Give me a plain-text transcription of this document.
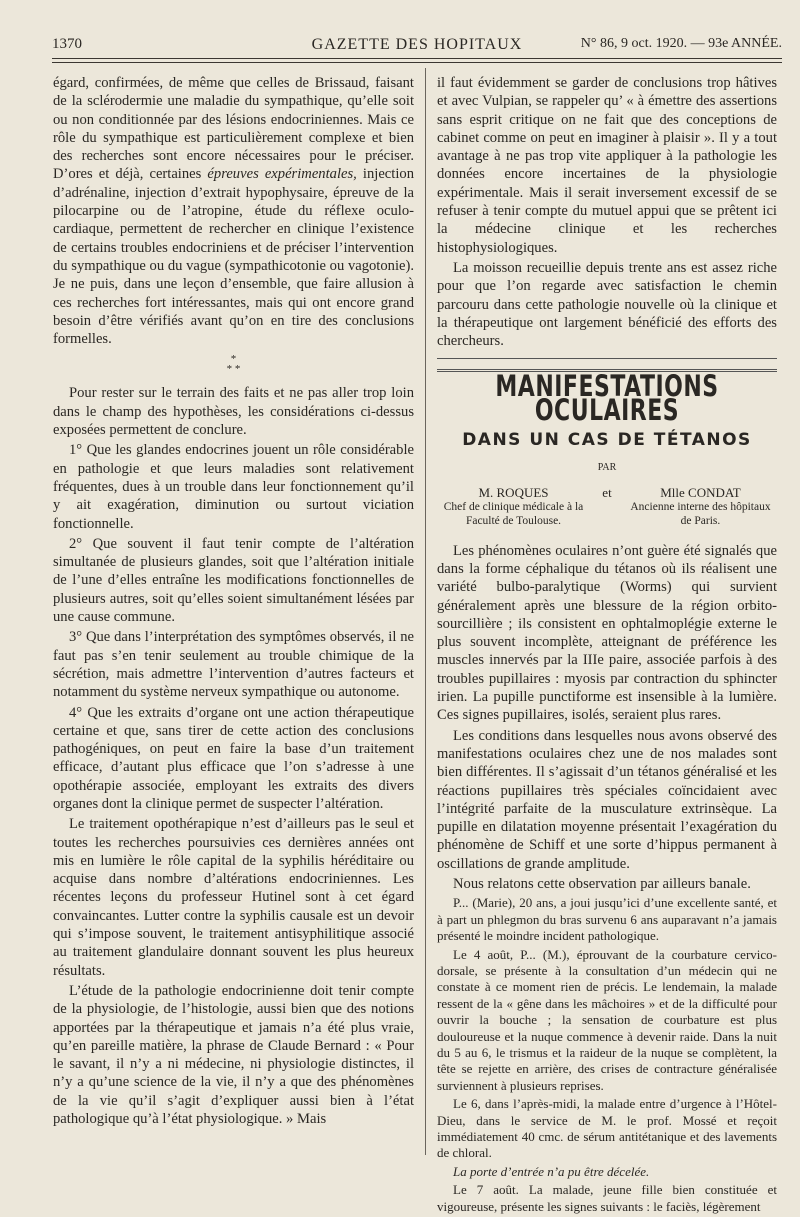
1370	GAZETTE DES HOPITAUX	N° 86, 9 oct. 1920. — 93e ANNÉE.

égard, confirmées, de même que celles de Brissaud, faisant de la sclérodermie une maladie du sympathique, qu’elle soit ou non conditionnée par des lésions endocriniennes. Mais ce rôle du sympathique est particulièrement complexe et bien des recherches sont encore nécessaires pour le préciser. D’ores et déjà, certaines épreuves expérimentales, injection d’adrénaline, injection d’extrait hypophysaire, épreuve de la pilocarpine ou de l’atropine, étude du réflexe oculo-cardiaque, permettent de rechercher en clinique l’existence de certains troubles endocriniens et de préciser l’intervention du sympathique ou du vague (sympathicotonie ou vagotonie). Je ne puis, dans une leçon d’ensemble, que faire allusion à ces recherches fort intéressantes, mais qui ont encore grand besoin d’être vérifiés avant qu’on en tire des conclusions formelles.

*
* *

Pour rester sur le terrain des faits et ne pas aller trop loin dans le champ des hypothèses, les considérations ci-dessus exposées permettent de conclure.

1° Que les glandes endocrines jouent un rôle considérable en pathologie et que leurs maladies sont relativement fréquentes, dues à un trouble dans leur fonctionnement qu’il y ait exagération, diminution ou surtout viciation fonctionnelle.

2° Que souvent il faut tenir compte de l’altération simultanée de plusieurs glandes, soit que l’altération initiale de l’une d’elles entraîne les modifications fonctionnelles de plusieurs autres, soit qu’elles soient simultanément lésées par une cause commune.

3° Que dans l’interprétation des symptômes observés, il ne faut pas s’en tenir seulement au trouble chimique de la sécrétion, mais admettre l’intervention d’autres facteurs et notamment du système nerveux sympathique ou autonome.

4° Que les extraits d’organe ont une action thérapeutique certaine et que, sans tirer de cette action des conclusions pathogéniques, on peut en faire la base d’un traitement efficace, d’autant plus efficace que l’on s’adresse à une opothérapie associée, employant les extraits des divers organes dont la clinique permet de suspecter l’altération.

Le traitement opothérapique n’est d’ailleurs pas le seul et toutes les recherches poursuivies ces dernières années ont mis en lumière le rôle capital de la syphilis héréditaire ou acquise dans nombre d’altérations endocriniennes. Les récentes leçons du professeur Hutinel sont à cet égard convaincantes. Lutter contre la syphilis causale est un devoir qui s’impose souvent, le traitement antisyphilitique associé au traitement glandulaire donnant souvent les plus heureux résultats.

L’étude de la pathologie endocrinienne doit tenir compte de la physiologie, de l’histologie, aussi bien que des notions apportées par la thérapeutique et jamais n’a été plus vraie, qu’en pareille matière, la phrase de Claude Bernard : « Pour le savant, il n’y a ni médecine, ni physiologie distinctes, il n’y a qu’une science de la vie, il n’y a que des phénomènes de la vie qu’il s’agit d’expliquer aussi bien à l’état pathologique qu’à l’état physiologique. » Mais

il faut évidemment se garder de conclusions trop hâtives et avec Vulpian, se rappeler qu’ « à émettre des assertions sans esprit critique on ne fait que des conceptions de cabinet comme on peut en imaginer à plaisir ». Il y a tout avantage à ne pas trop vite appliquer à la pathologie les données encore incertaines de la physiologie expérimentale. Mais il serait inversement excessif de se refuser à tenir compte du mutuel appui que se prêtent ici la médecine clinique et les recherches histophysiologiques.

La moisson recueillie depuis trente ans est assez riche pour que l’on regarde avec satisfaction le chemin parcouru dans cette pathologie nouvelle où la clinique et la thérapeutique ont largement bénéficié des efforts des chercheurs.

MANIFESTATIONS OCULAIRES
DANS UN CAS DE TÉTANOS
PAR
M. ROQUES
Chef de clinique médicale à la Faculté de Toulouse.
et	Mlle CONDAT
Ancienne interne des hôpitaux de Paris.

Les phénomènes oculaires n’ont guère été signalés que dans la forme céphalique du tétanos où ils réalisent une variété bulbo-paralytique (Worms) qui survient généralement après une blessure de la région orbito-sourcillière ; ils consistent en ophtalmoplégie externe le plus souvent incomplète, atteignant de préférence les muscles innervés par la IIIe paire, associée parfois à des troubles pupillaires : myosis par contraction du sphincter irien. La pupille punctiforme est insensible à la lumière. Ces signes pupillaires, isolés, seraient plus rares.

Les conditions dans lesquelles nous avons observé des manifestations oculaires chez une de nos malades sont bien différentes. Il s’agissait d’un tétanos généralisé et les réactions pupillaires très spéciales coïncidaient avec l’intégrité parfaite de la musculature extrinsèque. La pupille en dilatation moyenne présentait l’exagération du phénomène de Schiff et une sorte d’hippus permanent à oscillations de grande amplitude.

Nous relatons cette observation par ailleurs banale.

P... (Marie), 20 ans, a joui jusqu’ici d’une excellente santé, et à part un phlegmon du bras survenu 6 ans auparavant n’a jamais présenté le moindre incident pathologique.

Le 4 août, P... (M.), éprouvant de la courbature cervico-dorsale, se présente à la consultation d’un médecin qui ne constate à ce moment rien de précis. Le lendemain, la malade ressent de la « gêne dans les mâchoires » et de la difficulté pour ouvrir la bouche ; la sensation de courbature est plus douloureuse et la nuque commence à devenir raide. Dans la nuit du 5 au 6, le trismus et la raideur de la nuque se complètent, la tête se rejette en arrière, des crises de contracture généralisée surviennent à plusieurs reprises.

Le 6, dans l’après-midi, la malade entre d’urgence à l’Hôtel-Dieu, dans le service de M. le prof. Mossé et reçoit immédiatement 40 cmc. de sérum antitétanique et des lavements de chloral.

La porte d’entrée n’a pu être décelée.

Le 7 août. La malade, jeune fille bien constituée et vigoureuse, présente les signes suivants : le faciès, légèrement
